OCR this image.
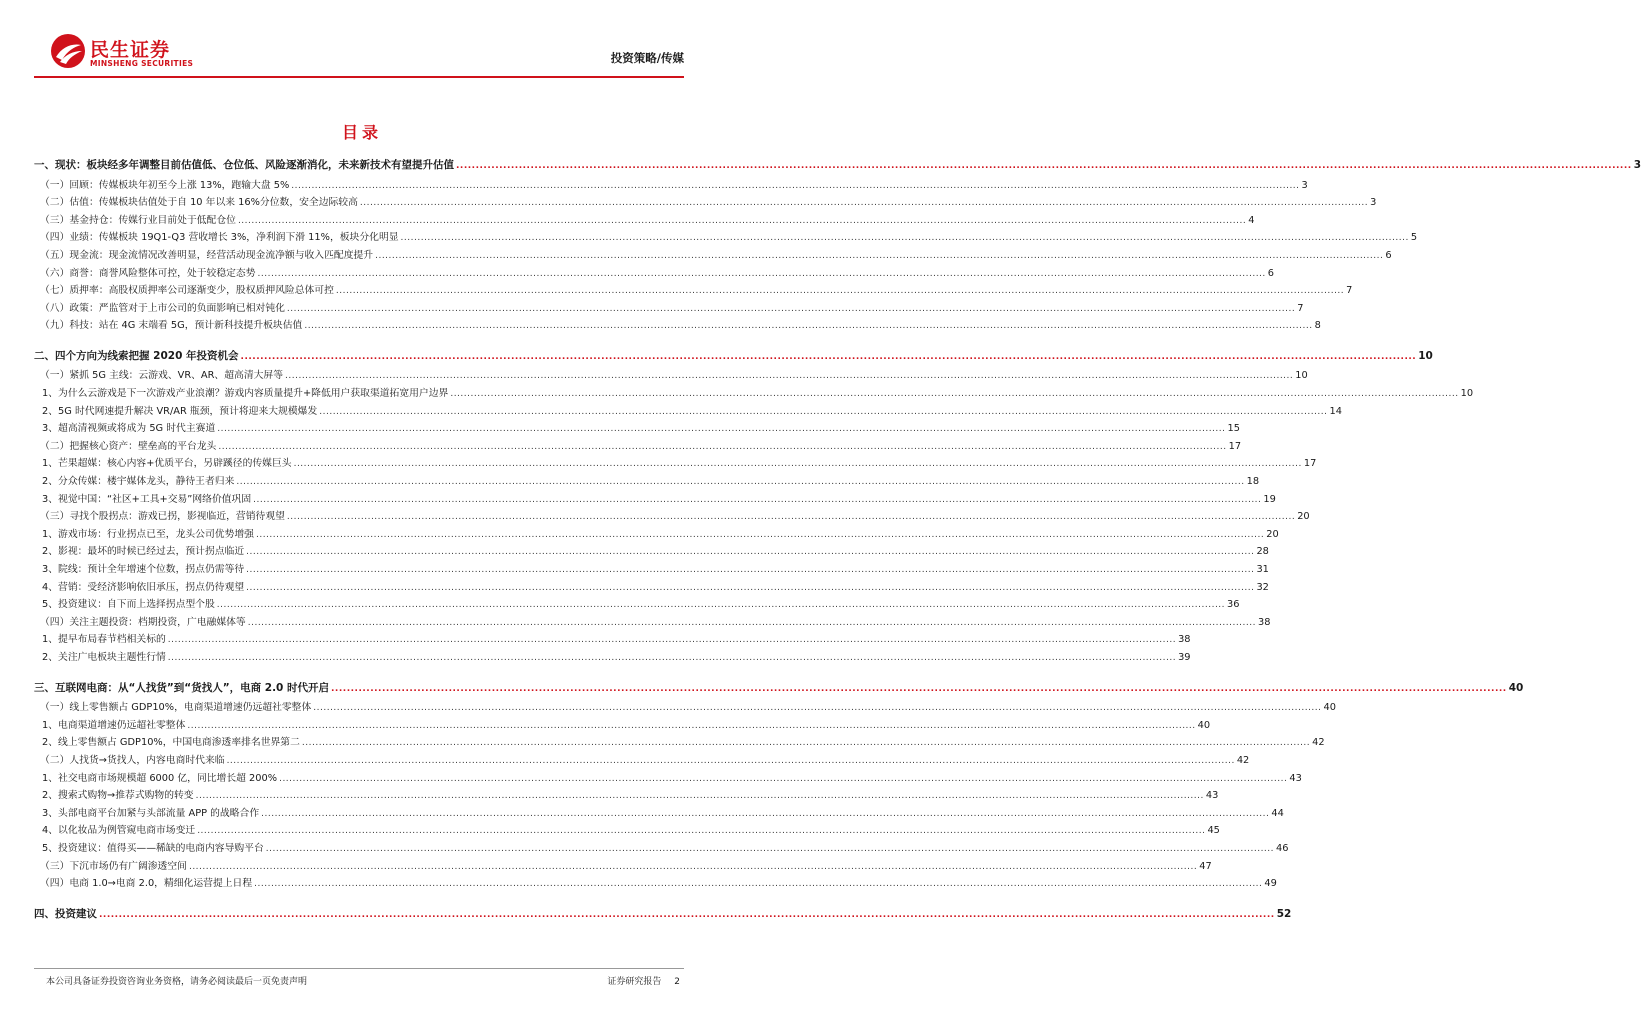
民生证券
MINSHENG SECURITIES	投资策略/传媒
目录
一、现状：板块经多年调整目前估值低、仓位低、风险逐渐消化，未来新技术有望提升估值 ............................................................................................................................................................................................................................................................................................................ 3
（一）回顾：传媒板块年初至今上涨 13%，跑输大盘 5% ............................................................................................................................................................................................................................................................................................................ 3
（二）估值：传媒板块估值处于自 10 年以来 16%分位数，安全边际较高 ............................................................................................................................................................................................................................................................................................................ 3
（三）基金持仓：传媒行业目前处于低配仓位 ............................................................................................................................................................................................................................................................................................................ 4
（四）业绩：传媒板块 19Q1-Q3 营收增长 3%，净利润下滑 11%，板块分化明显 ............................................................................................................................................................................................................................................................................................................ 5
（五）现金流：现金流情况改善明显，经营活动现金流净额与收入匹配度提升 ............................................................................................................................................................................................................................................................................................................ 6
（六）商誉：商誉风险整体可控，处于较稳定态势 ............................................................................................................................................................................................................................................................................................................ 6
（七）质押率：高股权质押率公司逐渐变少，股权质押风险总体可控 ............................................................................................................................................................................................................................................................................................................ 7
（八）政策：严监管对于上市公司的负面影响已相对钝化 ............................................................................................................................................................................................................................................................................................................ 7
（九）科技：站在 4G 末端看 5G，预计新科技提升板块估值 ............................................................................................................................................................................................................................................................................................................ 8
二、四个方向为线索把握 2020 年投资机会 ............................................................................................................................................................................................................................................................................................................ 10
（一）紧抓 5G 主线：云游戏、VR、AR、超高清大屏等 ............................................................................................................................................................................................................................................................................................................ 10
1、为什么云游戏是下一次游戏产业浪潮？游戏内容质量提升+降低用户获取渠道拓宽用户边界 ............................................................................................................................................................................................................................................................................................................ 10
2、5G 时代网速提升解决 VR/AR 瓶颈，预计将迎来大规模爆发 ............................................................................................................................................................................................................................................................................................................ 14
3、超高清视频或将成为 5G 时代主赛道 ............................................................................................................................................................................................................................................................................................................ 15
（二）把握核心资产：壁垒高的平台龙头 ............................................................................................................................................................................................................................................................................................................ 17
1、芒果超媒：核心内容+优质平台，另辟蹊径的传媒巨头 ............................................................................................................................................................................................................................................................................................................ 17
2、分众传媒：楼宇媒体龙头，静待王者归来 ............................................................................................................................................................................................................................................................................................................ 18
3、视觉中国：“社区+工具+交易”网络价值巩固 ............................................................................................................................................................................................................................................................................................................ 19
（三）寻找个股拐点：游戏已拐，影视临近，营销待观望 ............................................................................................................................................................................................................................................................................................................ 20
1、游戏市场：行业拐点已至，龙头公司优势增强 ............................................................................................................................................................................................................................................................................................................ 20
2、影视：最坏的时候已经过去，预计拐点临近 ............................................................................................................................................................................................................................................................................................................ 28
3、院线：预计全年增速个位数，拐点仍需等待 ............................................................................................................................................................................................................................................................................................................ 31
4、营销：受经济影响依旧承压，拐点仍待观望 ............................................................................................................................................................................................................................................................................................................ 32
5、投资建议：自下而上选择拐点型个股 ............................................................................................................................................................................................................................................................................................................ 36
（四）关注主题投资：档期投资，广电融媒体等 ............................................................................................................................................................................................................................................................................................................ 38
1、提早布局春节档相关标的 ............................................................................................................................................................................................................................................................................................................ 38
2、关注广电板块主题性行情 ............................................................................................................................................................................................................................................................................................................ 39
三、互联网电商：从“人找货”到“货找人”，电商 2.0 时代开启 ............................................................................................................................................................................................................................................................................................................ 40
（一）线上零售额占 GDP10%，电商渠道增速仍远超社零整体 ............................................................................................................................................................................................................................................................................................................ 40
1、电商渠道增速仍远超社零整体 ............................................................................................................................................................................................................................................................................................................ 40
2、线上零售额占 GDP10%，中国电商渗透率排名世界第二 ............................................................................................................................................................................................................................................................................................................ 42
（二）人找货→货找人，内容电商时代来临 ............................................................................................................................................................................................................................................................................................................ 42
1、社交电商市场规模超 6000 亿，同比增长超 200% ............................................................................................................................................................................................................................................................................................................ 43
2、搜索式购物→推荐式购物的转变 ............................................................................................................................................................................................................................................................................................................ 43
3、头部电商平台加紧与头部流量 APP 的战略合作 ............................................................................................................................................................................................................................................................................................................ 44
4、以化妆品为例管窥电商市场变迁 ............................................................................................................................................................................................................................................................................................................ 45
5、投资建议：值得买——稀缺的电商内容导购平台 ............................................................................................................................................................................................................................................................................................................ 46
（三）下沉市场仍有广阔渗透空间 ............................................................................................................................................................................................................................................................................................................ 47
（四）电商 1.0→电商 2.0，精细化运营提上日程 ............................................................................................................................................................................................................................................................................................................ 49
四、投资建议 ............................................................................................................................................................................................................................................................................................................ 52
本公司具备证券投资咨询业务资格，请务必阅读最后一页免责声明	证券研究报告 2
